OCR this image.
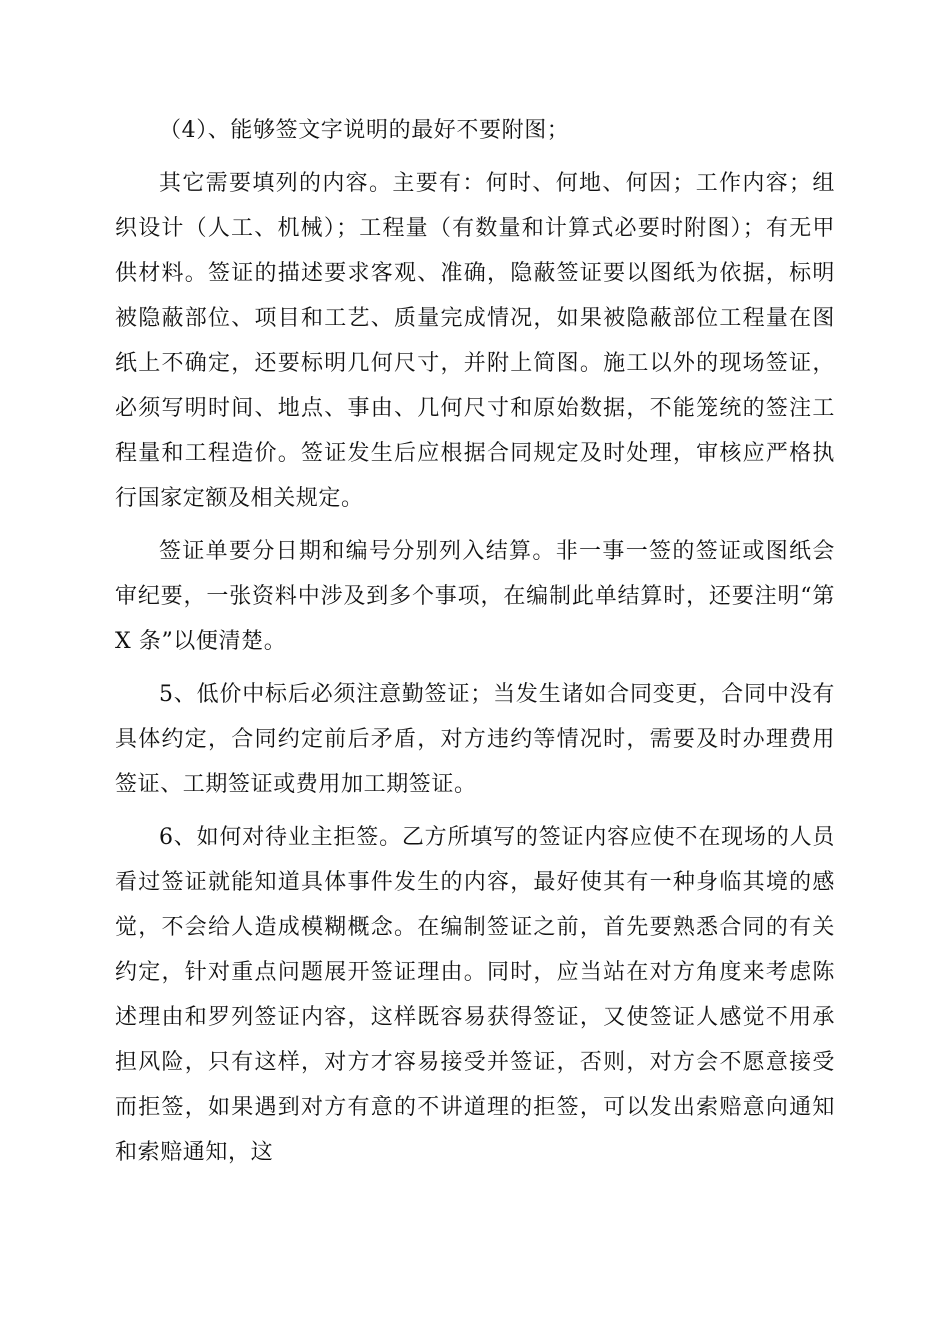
（4）、能够签文字说明的最好不要附图；

其它需要填列的内容。主要有：何时、何地、何因；工作内容；组织设计（人工、机械）；工程量（有数量和计算式必要时附图）；有无甲供材料。签证的描述要求客观、准确，隐蔽签证要以图纸为依据，标明被隐蔽部位、项目和工艺、质量完成情况，如果被隐蔽部位工程量在图纸上不确定，还要标明几何尺寸，并附上简图。施工以外的现场签证，必须写明时间、地点、事由、几何尺寸和原始数据，不能笼统的签注工程量和工程造价。签证发生后应根据合同规定及时处理，审核应严格执行国家定额及相关规定。

签证单要分日期和编号分别列入结算。非一事一签的签证或图纸会审纪要，一张资料中涉及到多个事项，在编制此单结算时，还要注明“第 X 条”以便清楚。

5、低价中标后必须注意勤签证；当发生诸如合同变更，合同中没有具体约定，合同约定前后矛盾，对方违约等情况时，需要及时办理费用签证、工期签证或费用加工期签证。

6、如何对待业主拒签。乙方所填写的签证内容应使不在现场的人员看过签证就能知道具体事件发生的内容，最好使其有一种身临其境的感觉，不会给人造成模糊概念。在编制签证之前，首先要熟悉合同的有关约定，针对重点问题展开签证理由。同时，应当站在对方角度来考虑陈述理由和罗列签证内容，这样既容易获得签证，又使签证人感觉不用承担风险，只有这样，对方才容易接受并签证，否则，对方会不愿意接受而拒签，如果遇到对方有意的不讲道理的拒签，可以发出索赔意向通知和索赔通知，这
